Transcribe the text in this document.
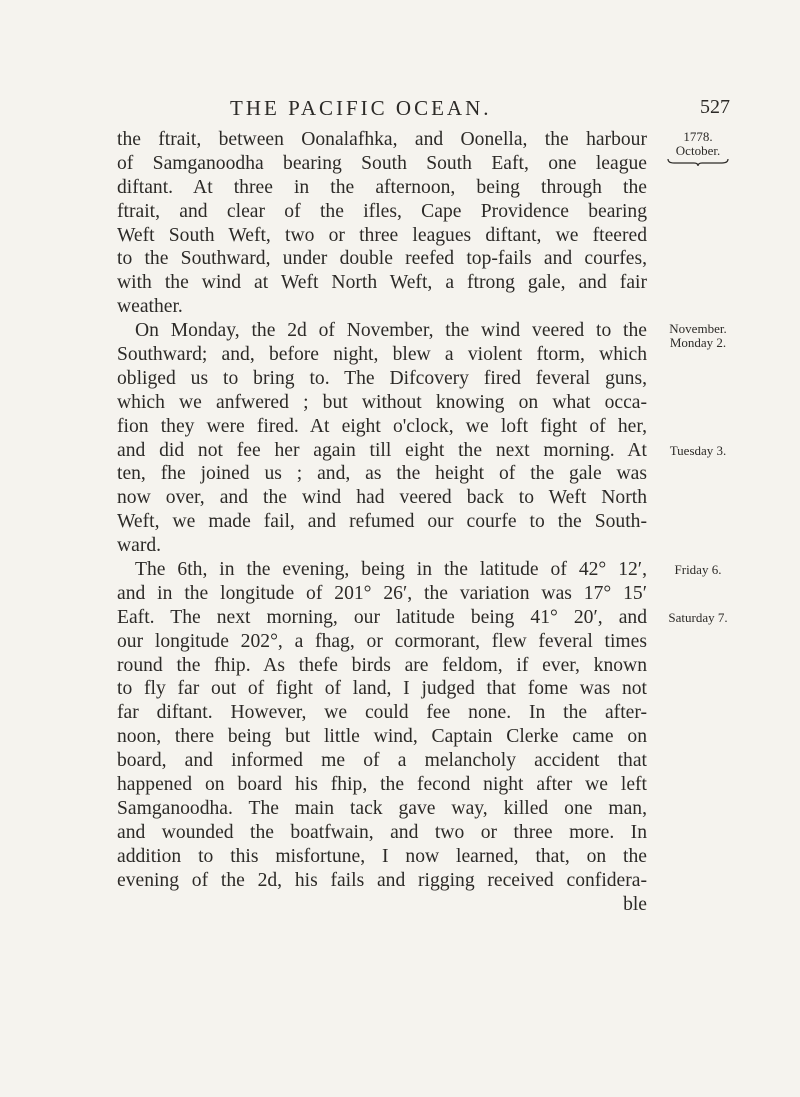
THE PACIFIC OCEAN.	527
1778.
October.
November.
Monday 2.
Tuesday 3.
Friday 6.
Saturday 7.
the ftrait, between Oonalafhka, and Oonella, the harbour
of Samganoodha bearing South South Eaft, one league
diftant. At three in the afternoon, being through the
ftrait, and clear of the ifles, Cape Providence bearing
Weft South Weft, two or three leagues diftant, we fteered
to the Southward, under double reefed top-fails and courfes,
with the wind at Weft North Weft, a ftrong gale, and fair
weather.
On Monday, the 2d of November, the wind veered to the
Southward; and, before night, blew a violent ftorm, which
obliged us to bring to. The Difcovery fired feveral guns,
which we anfwered ; but without knowing on what occa-
fion they were fired. At eight o'clock, we loft fight of her,
and did not fee her again till eight the next morning. At
ten, fhe joined us ; and, as the height of the gale was
now over, and the wind had veered back to Weft North
Weft, we made fail, and refumed our courfe to the South-
ward.
The 6th, in the evening, being in the latitude of 42° 12′,
and in the longitude of 201° 26′, the variation was 17° 15′
Eaft. The next morning, our latitude being 41° 20′, and
our longitude 202°, a fhag, or cormorant, flew feveral times
round the fhip. As thefe birds are feldom, if ever, known
to fly far out of fight of land, I judged that fome was not
far diftant. However, we could fee none. In the after-
noon, there being but little wind, Captain Clerke came on
board, and informed me of a melancholy accident that
happened on board his fhip, the fecond night after we left
Samganoodha. The main tack gave way, killed one man,
and wounded the boatfwain, and two or three more. In
addition to this misfortune, I now learned, that, on the
evening of the 2d, his fails and rigging received confidera-
ble
